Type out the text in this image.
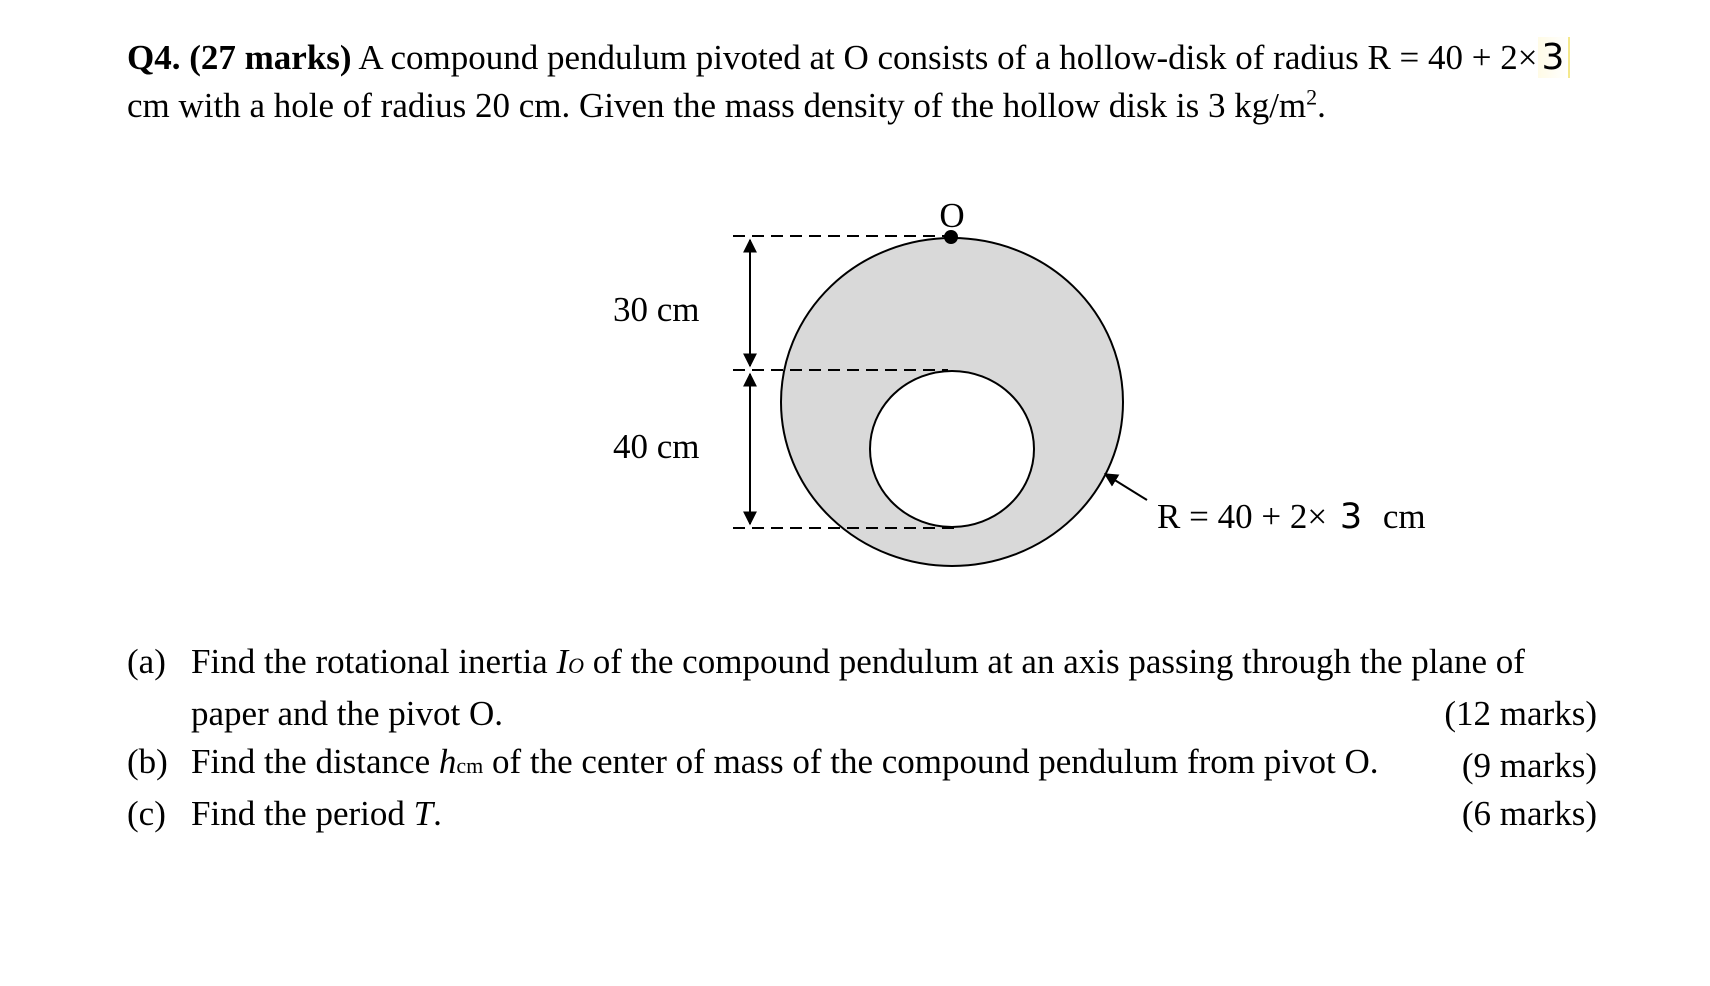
Q4. (27 marks) A compound pendulum pivoted at O consists of a hollow-disk of radius R = 40 + 2× 3
cm with a hole of radius 20 cm. Given the mass density of the hollow disk is 3 $kg/m^2$.
O
30 cm
40 cm
R = 40 + 2× 3 cm
(a) Find the rotational inertia IO of the compound pendulum at an axis passing through the plane of
paper and the pivot O.	(12 marks)
(b) Find the distance hcm of the center of mass of the compound pendulum from pivot O.	(9 marks)
(c) Find the period T.	(6 marks)
